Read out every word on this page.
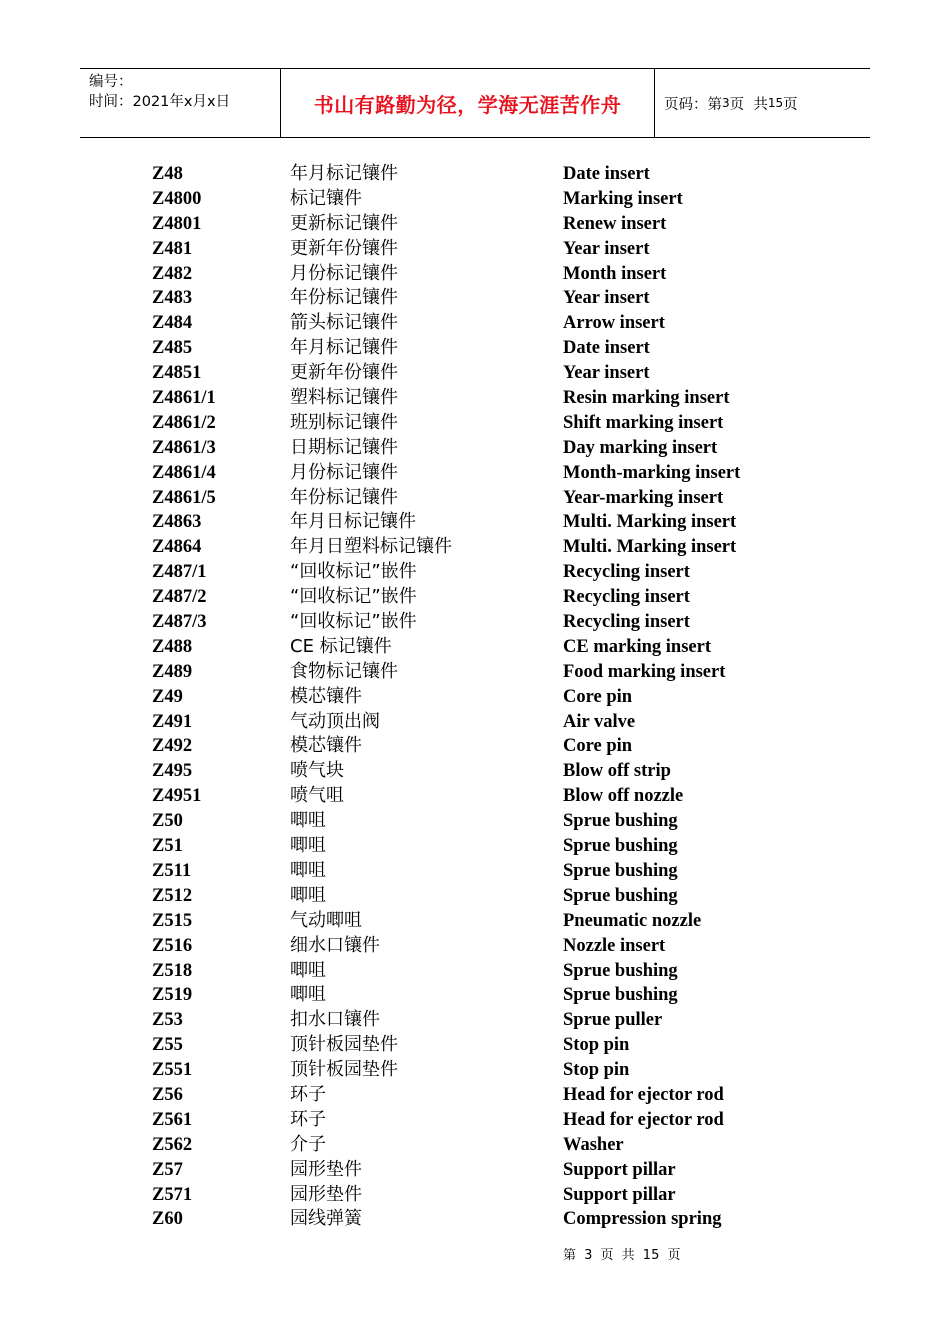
编号：
时间：2021年x月x日	书山有路勤为径，学海无涯苦作舟	页码：第 3 页  共 15 页
Z48	年月标记镶件	Date insert
Z4800	标记镶件	Marking insert
Z4801	更新标记镶件	Renew insert
Z481	更新年份镶件	Year insert
Z482	月份标记镶件	Month insert
Z483	年份标记镶件	Year insert
Z484	箭头标记镶件	Arrow insert
Z485	年月标记镶件	Date insert
Z4851	更新年份镶件	Year insert
Z4861/1	塑料标记镶件	Resin marking insert
Z4861/2	班别标记镶件	Shift marking insert
Z4861/3	日期标记镶件	Day marking insert
Z4861/4	月份标记镶件	Month-marking insert
Z4861/5	年份标记镶件	Year-marking insert
Z4863	年月日标记镶件	Multi. Marking insert
Z4864	年月日塑料标记镶件	Multi. Marking insert
Z487/1	“回收标记”嵌件	Recycling insert
Z487/2	“回收标记”嵌件	Recycling insert
Z487/3	“回收标记”嵌件	Recycling insert
Z488	CE 标记镶件	CE marking insert
Z489	食物标记镶件	Food marking insert
Z49	模芯镶件	Core pin
Z491	气动顶出阀	Air valve
Z492	模芯镶件	Core pin
Z495	喷气块	Blow off strip
Z4951	喷气咀	Blow off nozzle
Z50	唧咀	Sprue bushing
Z51	唧咀	Sprue bushing
Z511	唧咀	Sprue bushing
Z512	唧咀	Sprue bushing
Z515	气动唧咀	Pneumatic nozzle
Z516	细水口镶件	Nozzle insert
Z518	唧咀	Sprue bushing
Z519	唧咀	Sprue bushing
Z53	扣水口镶件	Sprue puller
Z55	顶针板园垫件	Stop pin
Z551	顶针板园垫件	Stop pin
Z56	环子	Head for ejector rod
Z561	环子	Head for ejector rod
Z562	介子	Washer
Z57	园形垫件	Support pillar
Z571	园形垫件	Support pillar
Z60	园线弹簧	Compression spring
第 3 页 共 15 页
